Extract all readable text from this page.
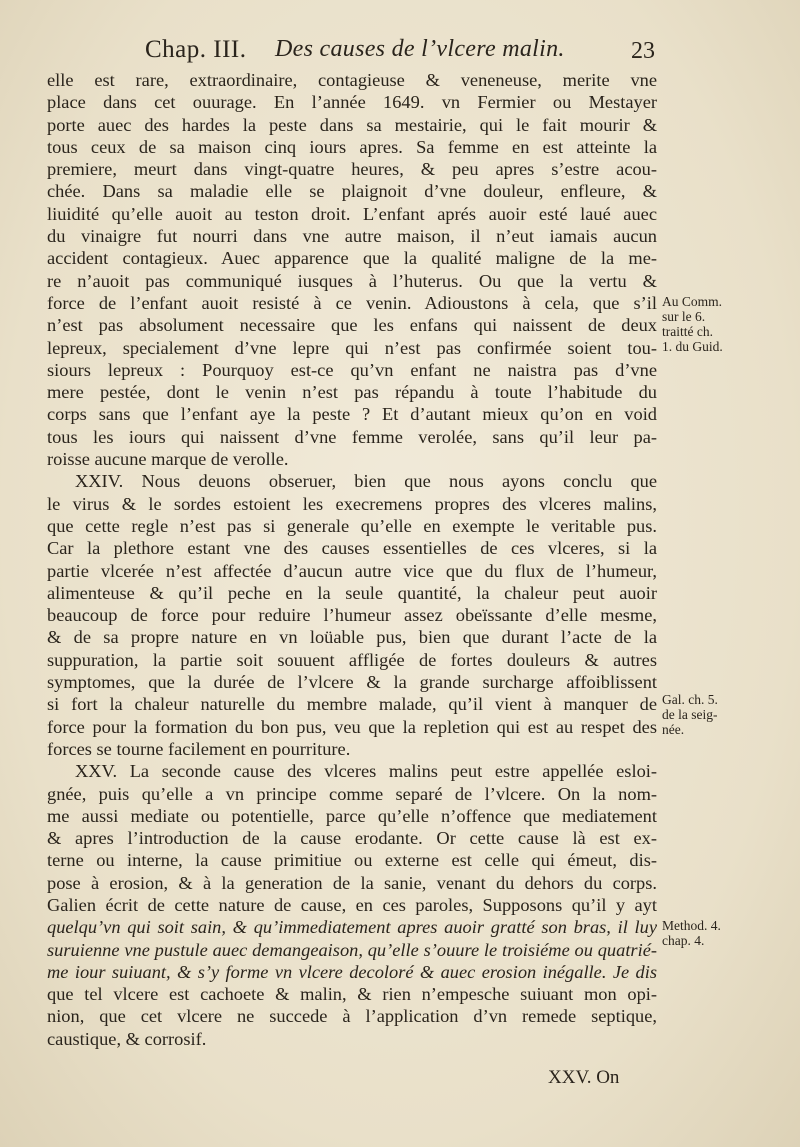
Chap. III. Des causes de l’vlcere malin.	23
elle est rare, extraordinaire, contagieuse & veneneuse, merite vne
place dans cet ouurage. En l’année 1649. vn Fermier ou Mestayer
porte auec des hardes la peste dans sa mestairie, qui le fait mourir &
tous ceux de sa maison cinq iours apres. Sa femme en est atteinte la
premiere, meurt dans vingt-quatre heures, & peu apres s’estre acou-
chée. Dans sa maladie elle se plaignoit d’vne douleur, enfleure, &
liuidité qu’elle auoit au teston droit. L’enfant aprés auoir esté laué auec
du vinaigre fut nourri dans vne autre maison, il n’eut iamais aucun
accident contagieux. Auec apparence que la qualité maligne de la me-
re n’auoit pas communiqué iusques à l’huterus. Ou que la vertu &
force de l’enfant auoit resisté à ce venin. Adioustons à cela, que s’il
n’est pas absolument necessaire que les enfans qui naissent de deux
lepreux, specialement d’vne lepre qui n’est pas confirmée soient tou-
siours lepreux : Pourquoy est-ce qu’vn enfant ne naistra pas d’vne
mere pestée, dont le venin n’est pas répandu à toute l’habitude du
corps sans que l’enfant aye la peste ? Et d’autant mieux qu’on en void
tous les iours qui naissent d’vne femme verolée, sans qu’il leur pa-
roisse aucune marque de verolle.
XXIV. Nous deuons obseruer, bien que nous ayons conclu que
le virus & le sordes estoient les execremens propres des vlceres malins,
que cette regle n’est pas si generale qu’elle en exempte le veritable pus.
Car la plethore estant vne des causes essentielles de ces vlceres, si la
partie vlcerée n’est affectée d’aucun autre vice que du flux de l’humeur,
alimenteuse & qu’il peche en la seule quantité, la chaleur peut auoir
beaucoup de force pour reduire l’humeur assez obeïssante d’elle mesme,
& de sa propre nature en vn loüable pus, bien que durant l’acte de la
suppuration, la partie soit souuent affligée de fortes douleurs & autres
symptomes, que la durée de l’vlcere & la grande surcharge affoiblissent
si fort la chaleur naturelle du membre malade, qu’il vient à manquer de
force pour la formation du bon pus, veu que la repletion qui est au respet des
forces se tourne facilement en pourriture.
XXV. La seconde cause des vlceres malins peut estre appellée esloi-
gnée, puis qu’elle a vn principe comme separé de l’vlcere. On la nom-
me aussi mediate ou potentielle, parce qu’elle n’offence que mediatement
& apres l’introduction de la cause erodante. Or cette cause là est ex-
terne ou interne, la cause primitiue ou externe est celle qui émeut, dis-
pose à erosion, & à la generation de la sanie, venant du dehors du corps.
Galien écrit de cette nature de cause, en ces paroles, Supposons qu’il y ayt
quelqu’vn qui soit sain, & qu’immediatement apres auoir gratté son bras, il luy
suruienne vne pustule auec demangeaison, qu’elle s’ouure le troisiéme ou quatrié-
me iour suiuant, & s’y forme vn vlcere decoloré & auec erosion inégalle. Je dis
que tel vlcere est cachoete & malin, & rien n’empesche suiuant mon opi-
nion, que cet vlcere ne succede à l’application d’vn remede septique,
caustique, & corrosif.
XXV. On
Au Comm.
sur le 6.
traitté ch.
1. du Guid.
Gal. ch. 5.
de la seig-
née.
Method. 4.
chap. 4.
